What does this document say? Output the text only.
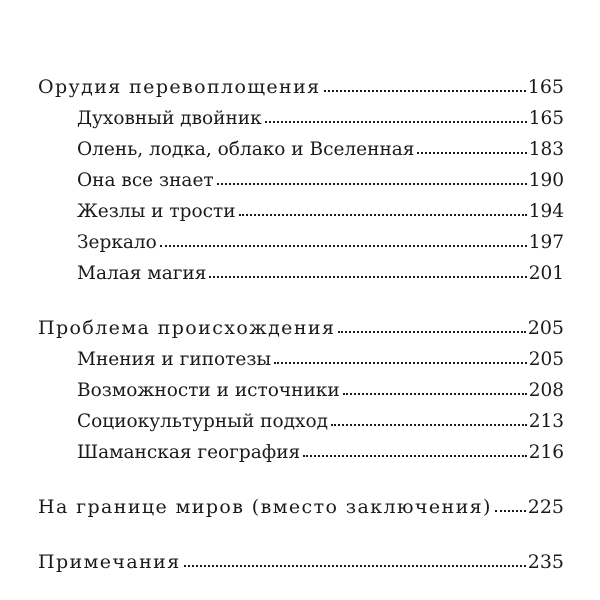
Орудия перевоплощения	165
Духовный двойник	165
Олень, лодка, облако и Вселенная	183
Она все знает	190
Жезлы и трости	194
Зеркало	197
Малая магия	201
Проблема происхождения	205
Мнения и гипотезы	205
Возможности и источники	208
Социокультурный подход	213
Шаманская география	216
На границе миров (вместо заключения) 225
Примечания	235
